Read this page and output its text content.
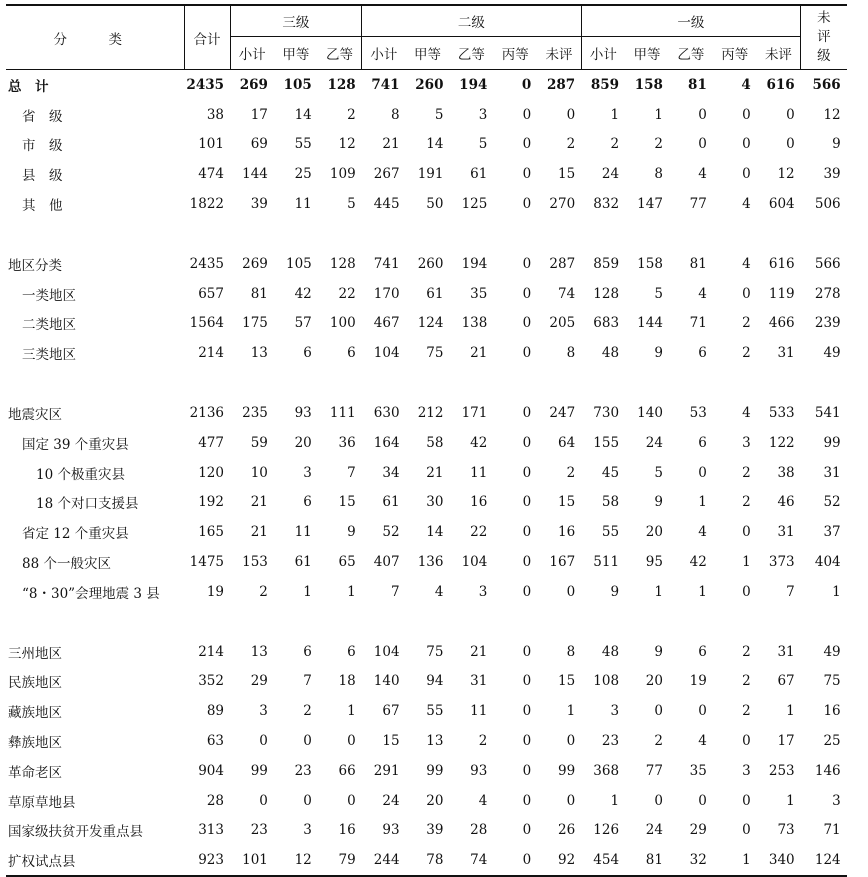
分　类	合计	三级			二级					一级					未
评
级

		小计	甲等	乙等	小计	甲等	乙等	丙等	未评	小计	甲等	乙等	丙等	未评	
总　计	2435	269	105	128	741	260	194	0	287	859	158	81	4	616	566
省　级	38	17	14	2	8	5	3	0	0	1	1	0	0	0	12
市　级	101	69	55	12	21	14	5	0	2	2	2	0	0	0	9
县　级	474	144	25	109	267	191	61	0	15	24	8	4	0	12	39
其　他	1822	39	11	5	445	50	125	0	270	832	147	77	4	604	506

地区分类	2435	269	105	128	741	260	194	0	287	859	158	81	4	616	566
一类地区	657	81	42	22	170	61	35	0	74	128	5	4	0	119	278
二类地区	1564	175	57	100	467	124	138	0	205	683	144	71	2	466	239
三类地区	214	13	6	6	104	75	21	0	8	48	9	6	2	31	49

地震灾区	2136	235	93	111	630	212	171	0	247	730	140	53	4	533	541
国定 39 个重灾县	477	59	20	36	164	58	42	0	64	155	24	6	3	122	99
10 个极重灾县	120	10	3	7	34	21	11	0	2	45	5	0	2	38	31
18 个对口支援县	192	21	6	15	61	30	16	0	15	58	9	1	2	46	52
省定 12 个重灾县	165	21	11	9	52	14	22	0	16	55	20	4	0	31	37
88 个一般灾区	1475	153	61	65	407	136	104	0	167	511	95	42	1	373	404
“8・30”会理地震 3 县	19	2	1	1	7	4	3	0	0	9	1	1	0	7	1

三州地区	214	13	6	6	104	75	21	0	8	48	9	6	2	31	49
民族地区	352	29	7	18	140	94	31	0	15	108	20	19	2	67	75
藏族地区	89	3	2	1	67	55	11	0	1	3	0	0	2	1	16
彝族地区	63	0	0	0	15	13	2	0	0	23	2	4	0	17	25
革命老区	904	99	23	66	291	99	93	0	99	368	77	35	3	253	146
草原草地县	28	0	0	0	24	20	4	0	0	1	0	0	0	1	3
国家级扶贫开发重点县	313	23	3	16	93	39	28	0	26	126	24	29	0	73	71
扩权试点县	923	101	12	79	244	78	74	0	92	454	81	32	1	340	124
